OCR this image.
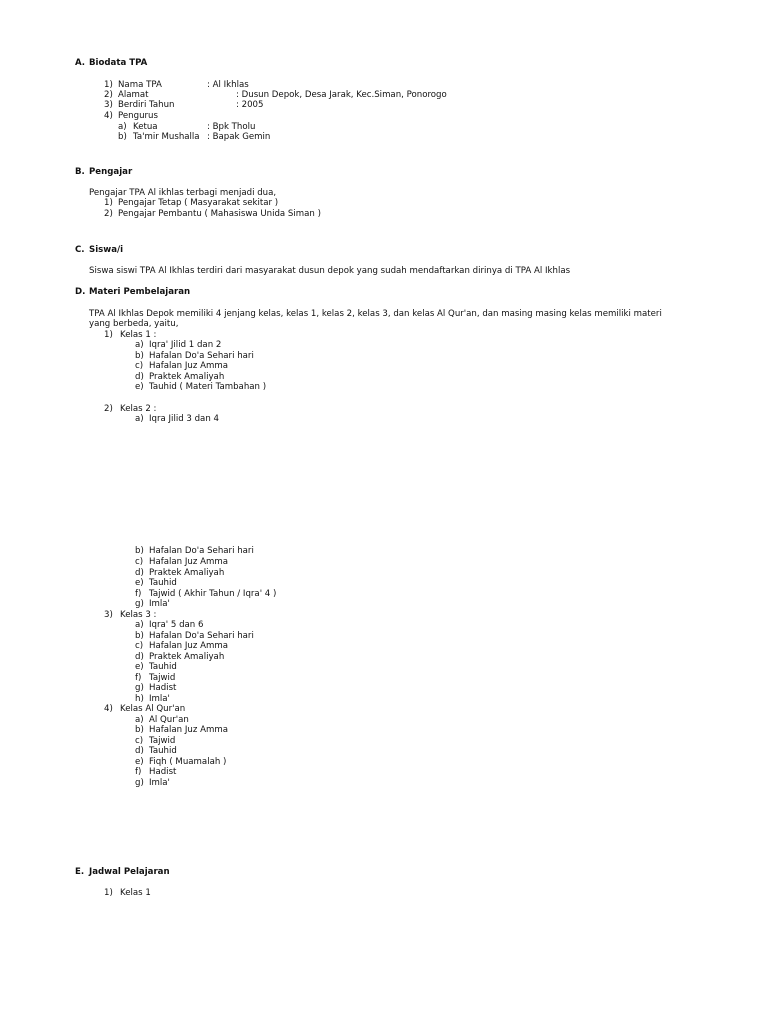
A. Biodata TPA
1) Nama TPA	: Al Ikhlas
2) Alamat	: Dusun Depok, Desa Jarak, Kec.Siman, Ponorogo
3) Berdiri Tahun	: 2005
4) Pengurus
a) Ketua	: Bpk Tholu
b) Ta'mir Mushalla : Bapak Gemin
B. Pengajar
Pengajar TPA Al ikhlas terbagi menjadi dua,
1) Pengajar Tetap ( Masyarakat sekitar )
2) Pengajar Pembantu ( Mahasiswa Unida Siman )
C. Siswa/i
Siswa siswi TPA Al Ikhlas terdiri dari masyarakat dusun depok yang sudah mendaftarkan dirinya di TPA Al Ikhlas
D. Materi Pembelajaran
TPA Al Ikhlas Depok memiliki 4 jenjang kelas, kelas 1, kelas 2, kelas 3, dan kelas Al Qur'an, dan masing masing kelas memiliki materi
yang berbeda, yaitu,
1) Kelas 1 :
a) Iqra' Jilid 1 dan 2
b) Hafalan Do'a Sehari hari
c) Hafalan Juz Amma
d) Praktek Amaliyah
e) Tauhid ( Materi Tambahan )
2) Kelas 2 :
a) Iqra Jilid 3 dan 4
b) Hafalan Do'a Sehari hari
c) Hafalan Juz Amma
d) Praktek Amaliyah
e) Tauhid
f) Tajwid ( Akhir Tahun / Iqra' 4 )
g) Imla'
3) Kelas 3 :
a) Iqra' 5 dan 6
b) Hafalan Do'a Sehari hari
c) Hafalan Juz Amma
d) Praktek Amaliyah
e) Tauhid
f) Tajwid
g) Hadist
h) Imla'
4) Kelas Al Qur'an
a) Al Qur'an
b) Hafalan Juz Amma
c) Tajwid
d) Tauhid
e) Fiqh ( Muamalah )
f) Hadist
g) Imla'
E. Jadwal Pelajaran
1) Kelas 1
